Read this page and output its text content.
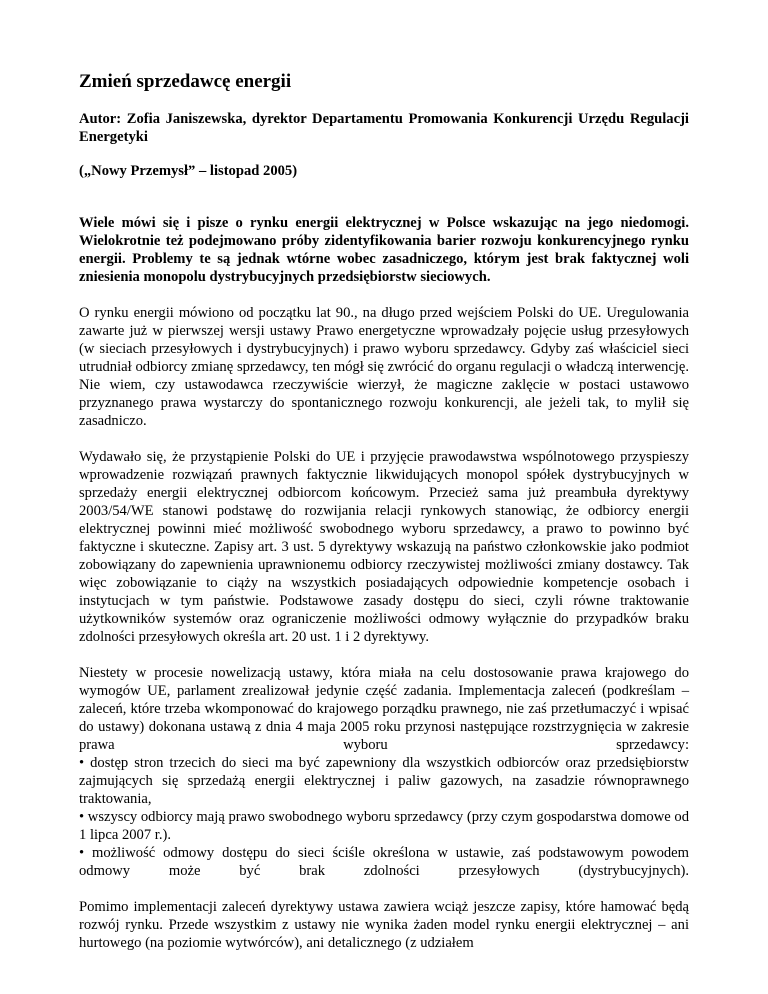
Zmień sprzedawcę energii

Autor: Zofia Janiszewska, dyrektor Departamentu Promowania Konkurencji Urzędu Regulacji Energetyki

(„Nowy Przemysł” – listopad 2005)

Wiele mówi się i pisze o rynku energii elektrycznej w Polsce wskazując na jego niedomogi. Wielokrotnie też podejmowano próby zidentyfikowania barier rozwoju konkurencyjnego rynku energii. Problemy te są jednak wtórne wobec zasadniczego, którym jest brak faktycznej woli zniesienia monopolu dystrybucyjnych przedsiębiorstw sieciowych.

O rynku energii mówiono od początku lat 90., na długo przed wejściem Polski do UE. Uregulowania zawarte już w pierwszej wersji ustawy Prawo energetyczne wprowadzały pojęcie usług przesyłowych (w sieciach przesyłowych i dystrybucyjnych) i prawo wyboru sprzedawcy. Gdyby zaś właściciel sieci utrudniał odbiorcy zmianę sprzedawcy, ten mógł się zwrócić do organu regulacji o władczą interwencję. Nie wiem, czy ustawodawca rzeczywiście wierzył, że magiczne zaklęcie w postaci ustawowo przyznanego prawa wystarczy do spontanicznego rozwoju konkurencji, ale jeżeli tak, to mylił się zasadniczo.

Wydawało się, że przystąpienie Polski do UE i przyjęcie prawodawstwa wspólnotowego przyspieszy wprowadzenie rozwiązań prawnych faktycznie likwidujących monopol spółek dystrybucyjnych w sprzedaży energii elektrycznej odbiorcom końcowym. Przecież sama już preambuła dyrektywy 2003/54/WE stanowi podstawę do rozwijania relacji rynkowych stanowiąc, że odbiorcy energii elektrycznej powinni mieć możliwość swobodnego wyboru sprzedawcy, a prawo to powinno być faktyczne i skuteczne. Zapisy art. 3 ust. 5 dyrektywy wskazują na państwo członkowskie jako podmiot zobowiązany do zapewnienia uprawnionemu odbiorcy rzeczywistej możliwości zmiany dostawcy. Tak więc zobowiązanie to ciąży na wszystkich posiadających odpowiednie kompetencje osobach i instytucjach w tym państwie. Podstawowe zasady dostępu do sieci, czyli równe traktowanie użytkowników systemów oraz ograniczenie możliwości odmowy wyłącznie do przypadków braku zdolności przesyłowych określa art. 20 ust. 1 i 2 dyrektywy.

Niestety w procesie nowelizacją ustawy, która miała na celu dostosowanie prawa krajowego do wymogów UE, parlament zrealizował jedynie część zadania. Implementacja zaleceń (podkreślam – zaleceń, które trzeba wkomponować do krajowego porządku prawnego, nie zaś przetłumaczyć i wpisać do ustawy) dokonana ustawą z dnia 4 maja 2005 roku przynosi następujące rozstrzygnięcia w zakresie prawa wyboru sprzedawcy:

• dostęp stron trzecich do sieci ma być zapewniony dla wszystkich odbiorców oraz przedsiębiorstw zajmujących się sprzedażą energii elektrycznej i paliw gazowych, na zasadzie równoprawnego traktowania,

• wszyscy odbiorcy mają prawo swobodnego wyboru sprzedawcy (przy czym gospodarstwa domowe od 1 lipca 2007 r.).

• możliwość odmowy dostępu do sieci ściśle określona w ustawie, zaś podstawowym powodem odmowy może być brak zdolności przesyłowych (dystrybucyjnych).

Pomimo implementacji zaleceń dyrektywy ustawa zawiera wciąż jeszcze zapisy, które hamować będą rozwój rynku. Przede wszystkim z ustawy nie wynika żaden model rynku energii elektrycznej – ani hurtowego (na poziomie wytwórców), ani detalicznego (z udziałem
